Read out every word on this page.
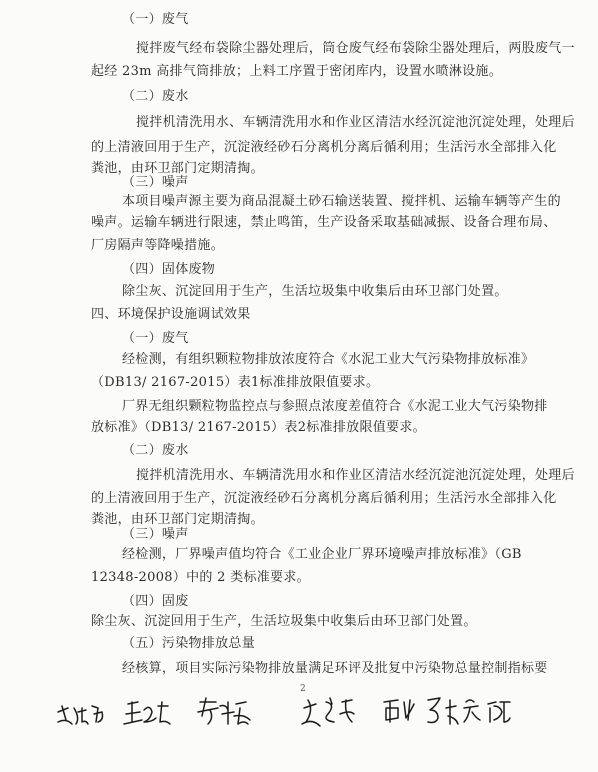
（一）废气

搅拌废气经布袋除尘器处理后，筒仓废气经布袋除尘器处理后，两股废气一

起经 23m 高排气筒排放；上料工序置于密闭库内，设置水喷淋设施。

（二）废水

搅拌机清洗用水、车辆清洗用水和作业区清洁水经沉淀池沉淀处理，处理后

的上清液回用于生产，沉淀液经砂石分离机分离后循利用；生活污水全部排入化

粪池，由环卫部门定期清掏。

（三）噪声

本项目噪声源主要为商品混凝土砂石输送装置、搅拌机、运输车辆等产生的

噪声。运输车辆进行限速，禁止鸣笛，生产设备采取基础减振、设备合理布局、

厂房隔声等降噪措施。

（四）固体废物

除尘灰、沉淀回用于生产，生活垃圾集中收集后由环卫部门处置。

四、环境保护设施调试效果

（一）废气

经检测，有组织颗粒物排放浓度符合《水泥工业大气污染物排放标准》

（DB13/ 2167-2015）表1标准排放限值要求。

厂界无组织颗粒物监控点与参照点浓度差值符合《水泥工业大气污染物排

放标准》（DB13/ 2167-2015）表2标准排放限值要求。

（二）废水

搅拌机清洗用水、车辆清洗用水和作业区清洁水经沉淀池沉淀处理，处理后

的上清液回用于生产，沉淀液经砂石分离机分离后循利用；生活污水全部排入化

粪池，由环卫部门定期清掏。

（三）噪声

经检测，厂界噪声值均符合《工业企业厂界环境噪声排放标准》（GB

12348-2008）中的 2 类标准要求。

（四）固废

除尘灰、沉淀回用于生产，生活垃圾集中收集后由环卫部门处置。

（五）污染物排放总量

经核算，项目实际污染物排放量满足环评及批复中污染物总量控制指标要

2
